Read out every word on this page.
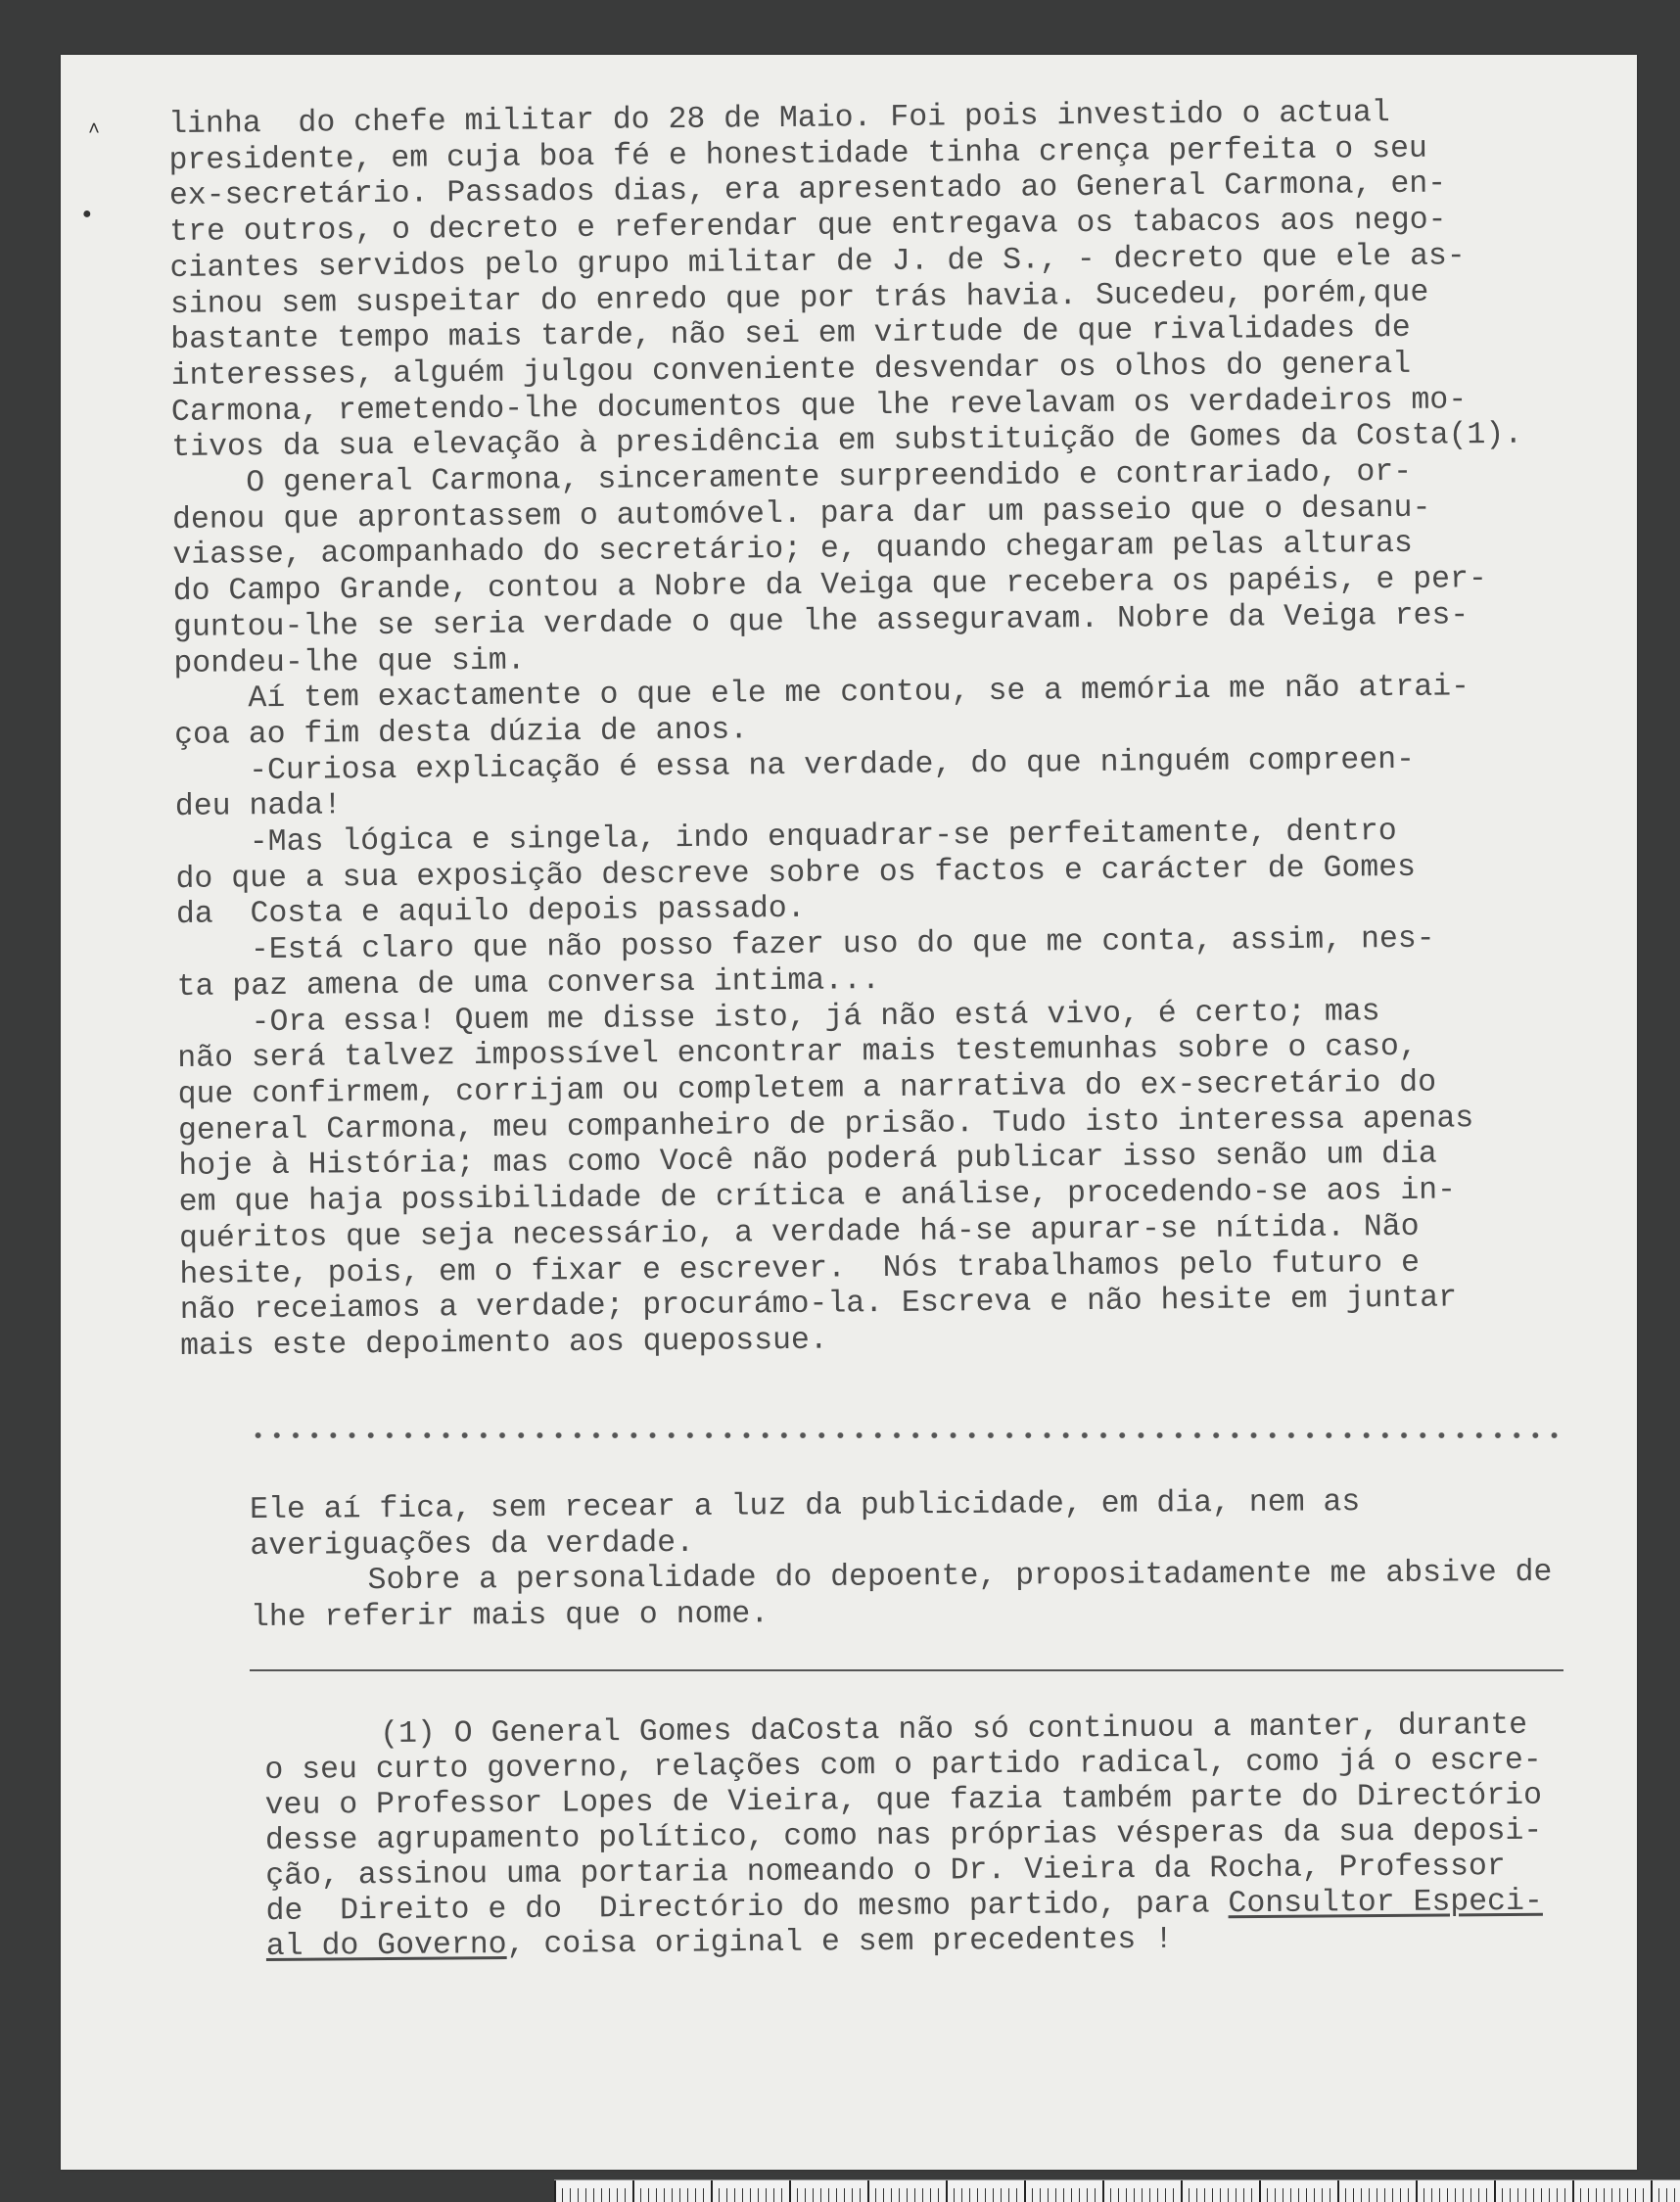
˄
●
linha  do chefe militar do 28 de Maio. Foi pois investido o actual
presidente, em cuja boa fé e honestidade tinha crença perfeita o seu
ex-secretário. Passados dias, era apresentado ao General Carmona, en-
tre outros, o decreto e referendar que entregava os tabacos aos nego-
ciantes servidos pelo grupo militar de J. de S., - decreto que ele as-
sinou sem suspeitar do enredo que por trás havia. Sucedeu, porém,que
bastante tempo mais tarde, não sei em virtude de que rivalidades de
interesses, alguém julgou conveniente desvendar os olhos do general
Carmona, remetendo-lhe documentos que lhe revelavam os verdadeiros mo-
tivos da sua elevação à presidência em substituição de Gomes da Costa(1).
O general Carmona, sinceramente surpreendido e contrariado, or-
denou que aprontassem o automóvel. para dar um passeio que o desanu-
viasse, acompanhado do secretário; e, quando chegaram pelas alturas
do Campo Grande, contou a Nobre da Veiga que recebera os papéis, e per-
guntou-lhe se seria verdade o que lhe asseguravam. Nobre da Veiga res-
pondeu-lhe que sim.
Aí tem exactamente o que ele me contou, se a memória me não atrai-
çoa ao fim desta dúzia de anos.
-Curiosa explicação é essa na verdade, do que ninguém compreen-
deu nada!
-Mas lógica e singela, indo enquadrar-se perfeitamente, dentro
do que a sua exposição descreve sobre os factos e carácter de Gomes
da  Costa e aquilo depois passado.
-Está claro que não posso fazer uso do que me conta, assim, nes-
ta paz amena de uma conversa intima...
-Ora essa! Quem me disse isto, já não está vivo, é certo; mas
não será talvez impossível encontrar mais testemunhas sobre o caso,
que confirmem, corrijam ou completem a narrativa do ex-secretário do
general Carmona, meu companheiro de prisão. Tudo isto interessa apenas
hoje à História; mas como Você não poderá publicar isso senão um dia
em que haja possibilidade de crítica e análise, procedendo-se aos in-
quéritos que seja necessário, a verdade há-se apurar-se nítida. Não
hesite, pois, em o fixar e escrever.  Nós trabalhamos pelo futuro e
não receiamos a verdade; procurámo-la. Escreva e não hesite em juntar
mais este depoimento aos quepossue.
Ele aí fica, sem recear a luz da publicidade, em dia, nem as
averiguações da verdade.
Sobre a personalidade do depoente, propositadamente me absive de
lhe referir mais que o nome.
(1) O General Gomes daCosta não só continuou a manter, durante
o seu curto governo, relações com o partido radical, como já o escre-
veu o Professor Lopes de Vieira, que fazia também parte do Directório
desse agrupamento político, como nas próprias vésperas da sua deposi-
ção, assinou uma portaria nomeando o Dr. Vieira da Rocha, Professor
de  Direito e do  Directório do mesmo partido, para Consultor Especi-
al do Governo, coisa original e sem precedentes !
